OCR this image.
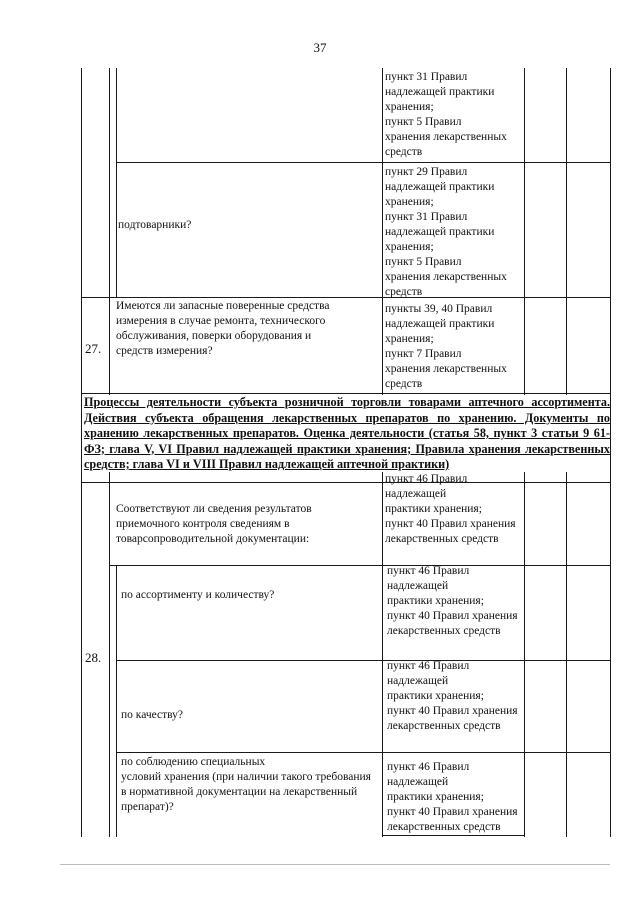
37
пункт 31 Правил
надлежащей практики
хранения;
пункт 5 Правил
хранения лекарственных
средств
подтоварники?
пункт 29 Правил
надлежащей практики
хранения;
пункт 31 Правил
надлежащей практики
хранения;
пункт 5 Правил
хранения лекарственных
средств
27.
Имеются ли запасные поверенные средства
измерения в случае ремонта, технического
обслуживания, поверки оборудования и
средств измерения?
пункты 39, 40 Правил
надлежащей практики
хранения;
пункт 7 Правил
хранения лекарственных
средств
Процессы деятельности субъекта розничной торговли товарами аптечного ассортимента. Действия субъекта обращения лекарственных препаратов по хранению. Документы по хранению лекарственных препаратов. Оценка деятельности (статья 58, пункт 3 статьи 9 61-ФЗ; глава V, VI Правил надлежащей практики хранения; Правила хранения лекарственных средств; глава VI и VIII Правил надлежащей аптечной практики)
28.
Соответствуют ли сведения результатов
приемочного контроля сведениям в
товарсопроводительной документации:
пункт 46 Правил
надлежащей
практики хранения;
пункт 40 Правил хранения
лекарственных средств
по ассортименту и количеству?
пункт 46 Правил
надлежащей
практики хранения;
пункт 40 Правил хранения
лекарственных средств
по качеству?
пункт 46 Правил
надлежащей
практики хранения;
пункт 40 Правил хранения
лекарственных средств
по соблюдению специальных
условий хранения (при наличии такого требования
в нормативной документации на лекарственный
препарат)?
пункт 46 Правил
надлежащей
практики хранения;
пункт 40 Правил хранения
лекарственных средств
